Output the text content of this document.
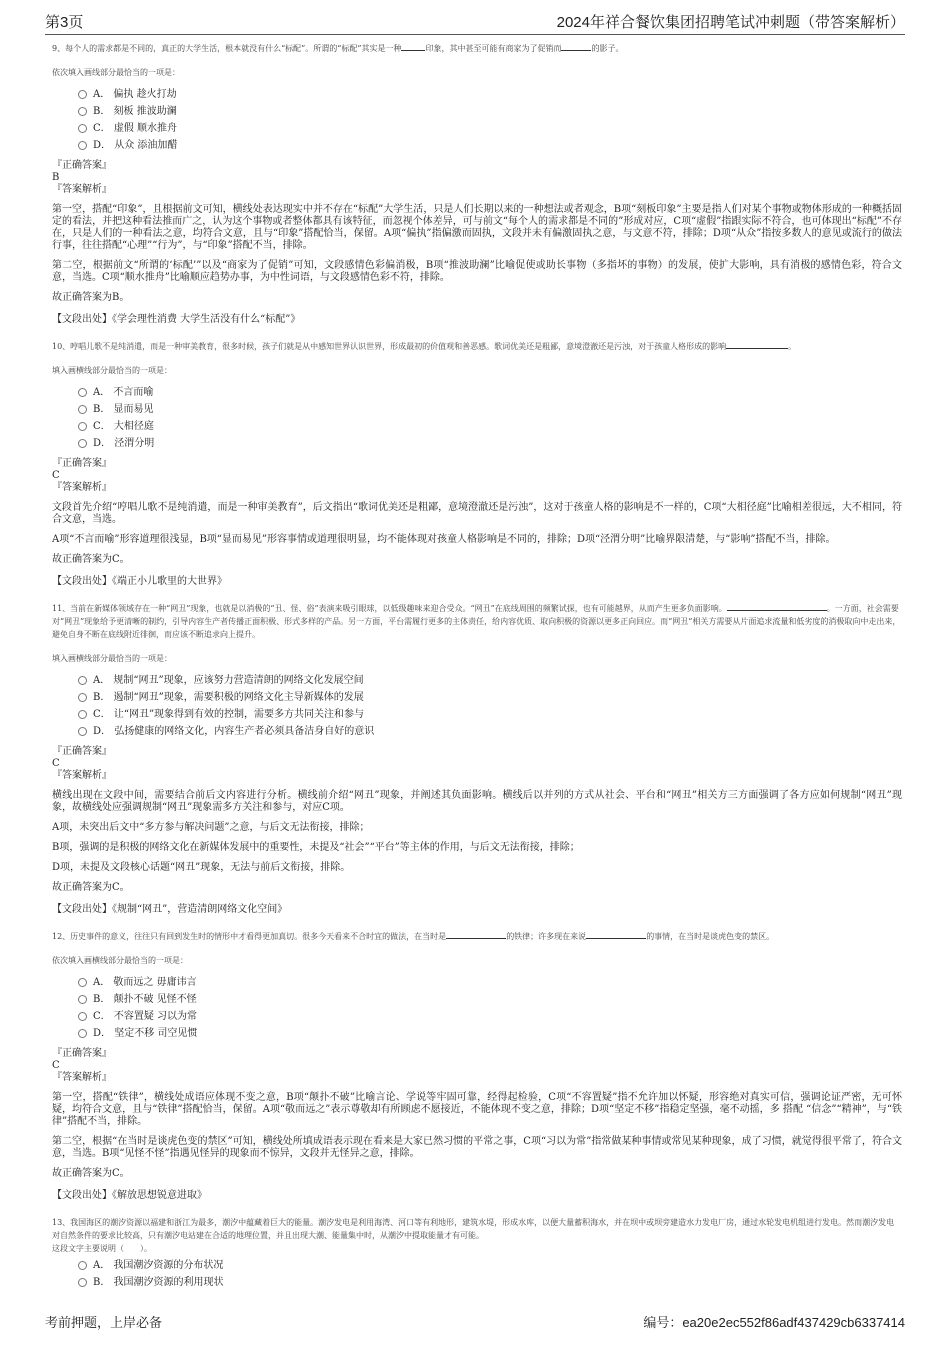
第3页	2024年祥合餐饮集团招聘笔试冲刺题（带答案解析）

9、每个人的需求都是不同的，真正的大学生活，根本就没有什么“标配”。所谓的“标配”其实是一种	印象，其中甚至可能有商家为了促销而	的影子。

依次填入画线部分最恰当的一项是：

A． 偏执 趁火打劫
B． 刻板 推波助澜
C． 虚假 顺水推舟
D． 从众 添油加醋

『正确答案』

B

『答案解析』

第一空，搭配“印象”，且根据前文可知，横线处表达现实中并不存在“标配”大学生活，只是人们长期以来的一种想法或者观念，B项“刻板印象”主要是指人们对某个事物或物体形成的一种概括固定的看法，并把这种看法推而广之，认为这个事物或者整体都具有该特征，而忽视个体差异，可与前文“每个人的需求都是不同的”形成对应，C项“虚假”指跟实际不符合，也可体现出“标配”不存在，只是人们的一种看法之意，均符合文意，且与“印象”搭配恰当，保留。A项“偏执”指偏激而固执，文段并未有偏激固执之意，与文意不符，排除；D项“从众”指按多数人的意见或流行的做法行事，往往搭配“心理”“行为”，与“印象”搭配不当，排除。

第二空，根据前文“所谓的‘标配’”以及“商家为了促销”可知，文段感情色彩偏消极，B项“推波助澜”比喻促使或助长事物（多指坏的事物）的发展，使扩大影响，具有消极的感情色彩，符合文意，当选。C项“顺水推舟”比喻顺应趋势办事，为中性词语，与文段感情色彩不符，排除。

故正确答案为B。

【文段出处】《学会理性消费 大学生活没有什么“标配”》

10、哼唱儿歌不是纯消遣，而是一种审美教育，很多时候，孩子们就是从中感知世界认识世界，形成最初的价值观和善恶感。歌词优美还是粗鄙，意境澄澈还是污浊，对于孩童人格形成的影响	。

填入画横线部分最恰当的一项是：

A． 不言而喻
B． 显而易见
C． 大相径庭
D． 泾渭分明

『正确答案』

C

『答案解析』

文段首先介绍“哼唱儿歌不是纯消遣，而是一种审美教育”，后文指出“歌词优美还是粗鄙，意境澄澈还是污浊”，这对于孩童人格的影响是不一样的，C项“大相径庭”比喻相差很远，大不相同，符合文意，当选。

A项“不言而喻”形容道理很浅显，B项“显而易见”形容事情或道理很明显，均不能体现对孩童人格影响是不同的，排除；D项“泾渭分明”比喻界限清楚，与“影响”搭配不当，排除。

故正确答案为C。

【文段出处】《端正小儿歌里的大世界》

11、当前在新媒体领域存在一种“网丑”现象，也就是以消极的“丑、怪、俗”表演来吸引眼球，以低级趣味来迎合受众。“网丑”在底线周围的频繁试探，也有可能越界，从而产生更多负面影响。	。一方面，社会需要对“网丑”现象给予更清晰的制约，引导内容生产者传播正面积极、形式多样的产品。另一方面，平台需履行更多的主体责任，给内容优质、取向积极的资源以更多正向回应。而“网丑”相关方需要从片面追求流量和低劣度的消极取向中走出来，避免自身不断在底线附近徘徊，而应该不断追求向上提升。

填入画横线部分最恰当的一项是：

A． 规制“网丑”现象，应该努力营造清朗的网络文化发展空间
B． 遏制“网丑”现象，需要积极的网络文化主导新媒体的发展
C． 让“网丑”现象得到有效的控制，需要多方共同关注和参与
D． 弘扬健康的网络文化，内容生产者必须具备洁身自好的意识

『正确答案』

C

『答案解析』

横线出现在文段中间，需要结合前后文内容进行分析。横线前介绍“网丑”现象，并阐述其负面影响。横线后以并列的方式从社会、平台和“网丑”相关方三方面强调了各方应如何规制“网丑”现象，故横线处应强调规制“网丑”现象需多方关注和参与，对应C项。

A项，未突出后文中“多方参与解决问题”之意，与后文无法衔接，排除；

B项，强调的是积极的网络文化在新媒体发展中的重要性，未提及“社会”“平台”等主体的作用，与后文无法衔接，排除；

D项，未提及文段核心话题“网丑”现象，无法与前后文衔接，排除。

故正确答案为C。

【文段出处】《规制“网丑”，营造清朗网络文化空间》

12、历史事件的意义，往往只有回到发生时的情形中才看得更加真切。很多今天看来不合时宜的做法，在当时是	的铁律；许多现在来说	的事情，在当时是谈虎色变的禁区。

依次填入画横线部分最恰当的一项是：

A． 敬而远之 毋庸讳言
B． 颠扑不破 见怪不怪
C． 不容置疑 习以为常
D． 坚定不移 司空见惯

『正确答案』

C

『答案解析』

第一空，搭配“铁律”，横线处成语应体现不变之意，B项“颠扑不破”比喻言论、学说等牢固可靠，经得起检验，C项“不容置疑”指不允许加以怀疑，形容绝对真实可信，强调论证严密，无可怀疑，均符合文意，且与“铁律”搭配恰当，保留。A项“敬而远之”表示尊敬却有所顾虑不愿接近，不能体现不变之意，排除；D项“坚定不移”指稳定坚强，毫不动摇，多 搭配 “信念”“精神”，与“铁律”搭配不当，排除。

第二空，根据“在当时是谈虎色变的禁区”可知，横线处所填成语表示现在看来是大家已然习惯的平常之事，C项“习以为常”指常做某种事情或常见某种现象，成了习惯，就觉得很平常了，符合文意，当选。B项“见怪不怪”指遇见怪异的现象而不惊异，文段并无怪异之意，排除。

故正确答案为C。

【文段出处】《解放思想锐意进取》

13、我国海区的潮汐资源以福建和浙江为最多，潮汐中蕴藏着巨大的能量。潮汐发电是利用海湾、河口等有利地形，建筑水堤，形成水库，以便大量蓄积海水，并在坝中或坝旁建造水力发电厂房，通过水轮发电机组进行发电。然而潮汐发电对自然条件的要求比较高，只有潮汐电站建在合适的地理位置，并且出现大潮、能量集中时，从潮汐中提取能量才有可能。

这段文字主要说明（　　）。

A． 我国潮汐资源的分布状况
B． 我国潮汐资源的利用现状
考前押题，上岸必备	编号：ea20e2ec552f86adf437429cb6337414
